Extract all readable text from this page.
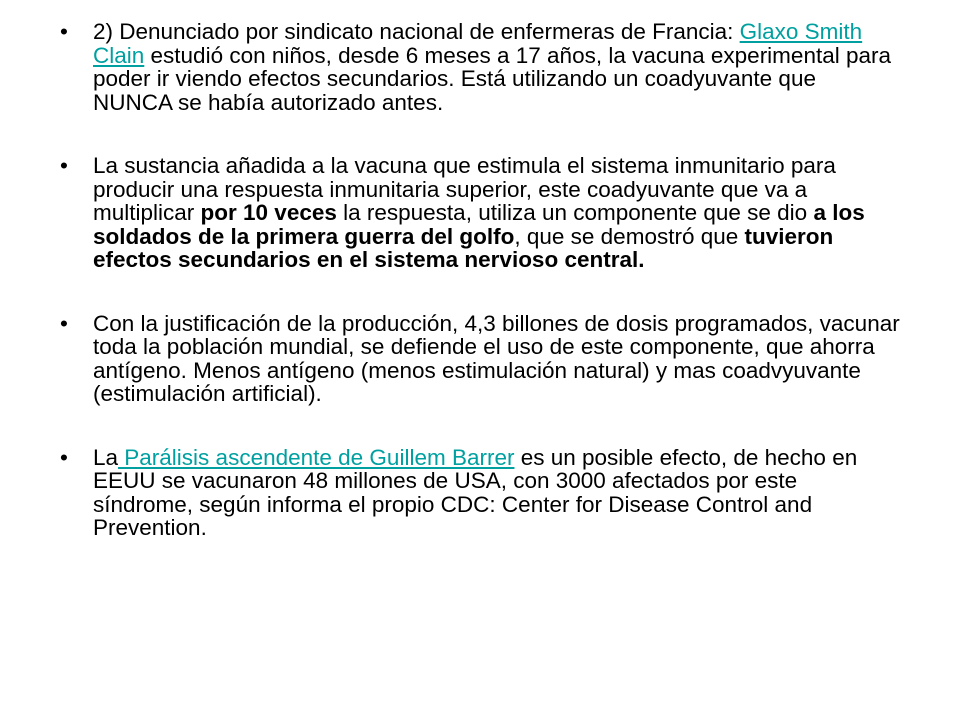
• 2) Denunciado por sindicato nacional de enfermeras de Francia: Glaxo Smith Clain estudió con niños, desde 6 meses a 17 años, la vacuna experimental para poder ir viendo efectos secundarios. Está utilizando un coadyuvante que NUNCA se había autorizado antes.
• La sustancia añadida a la vacuna que estimula el sistema inmunitario para producir una respuesta inmunitaria superior, este coadyuvante que va a multiplicar por 10 veces la respuesta, utiliza un componente que se dio a los soldados de la primera guerra del golfo, que se demostró que tuvieron efectos secundarios en el sistema nervioso central.
• Con la justificación de la producción, 4,3 billones de dosis programados, vacunar toda la población mundial, se defiende el uso de este componente, que ahorra antígeno. Menos antígeno (menos estimulación natural) y mas coadvyuvante (estimulación artificial).
• La Parálisis ascendente de Guillem Barrer es un posible efecto, de hecho en EEUU se vacunaron 48 millones de USA, con 3000 afectados por este síndrome, según informa el propio CDC: Center for Disease Control and Prevention.
